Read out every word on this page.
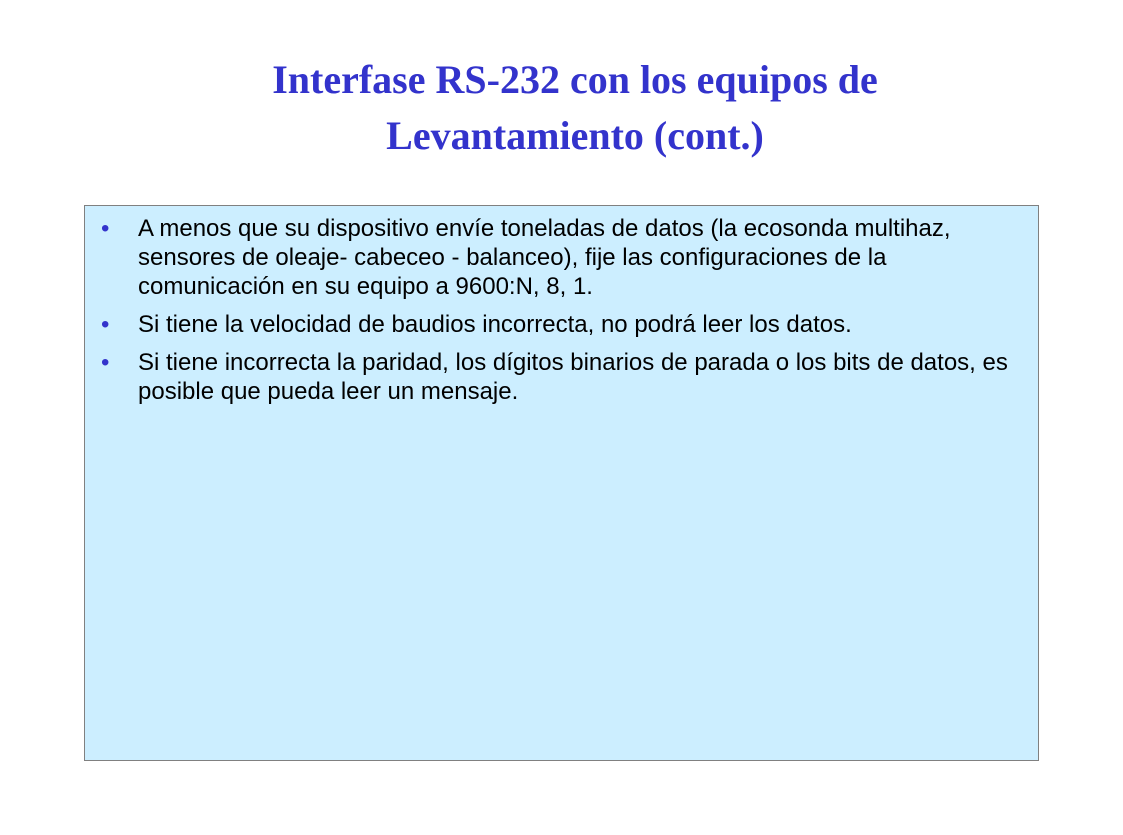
Interfase RS-232 con los equipos de
Levantamiento (cont.)
• A menos que su dispositivo envíe toneladas de datos (la ecosonda multihaz, sensores de oleaje- cabeceo - balanceo), fije las configuraciones de la comunicación en su equipo a 9600:N, 8, 1.
• Si tiene la velocidad de baudios incorrecta, no podrá leer los datos.
• Si tiene incorrecta la paridad, los dígitos binarios de parada o los bits de datos, es posible que pueda leer un mensaje.
